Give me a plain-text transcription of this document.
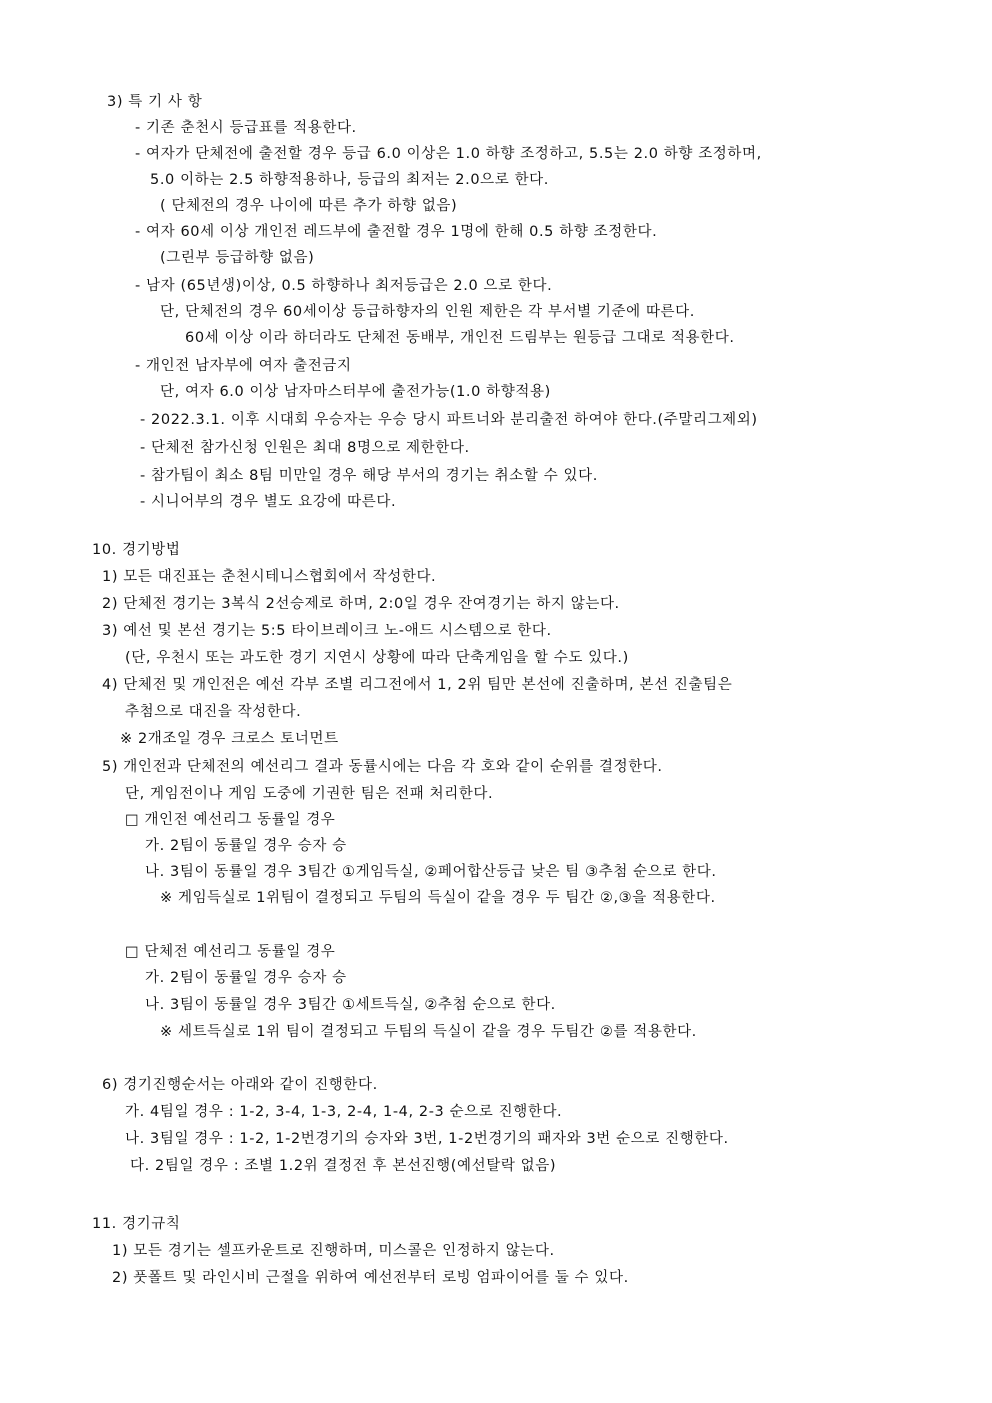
3) 특 기 사 항
- 기존 춘천시 등급표를 적용한다.
- 여자가 단체전에 출전할 경우 등급 6.0 이상은 1.0 하향 조정하고, 5.5는 2.0 하향 조정하며,
5.0 이하는 2.5 하향적용하나, 등급의 최저는 2.0으로 한다.
( 단체전의 경우 나이에 따른 추가 하향 없음)
- 여자 60세 이상 개인전 레드부에 출전할 경우 1명에 한해 0.5 하향 조정한다.
(그린부 등급하향 없음)
- 남자 (65년생)이상, 0.5 하향하나 최저등급은 2.0 으로 한다.
단, 단체전의 경우 60세이상 등급하향자의 인원 제한은 각 부서별 기준에 따른다.
60세 이상 이라 하더라도 단체전 동배부, 개인전 드림부는 원등급 그대로 적용한다.
- 개인전 남자부에 여자 출전금지
단, 여자 6.0 이상 남자마스터부에 출전가능(1.0 하향적용)
- 2022.3.1. 이후 시대회 우승자는 우승 당시 파트너와 분리출전 하여야 한다.(주말리그제외)
- 단체전 참가신청 인원은 최대 8명으로 제한한다.
- 참가팀이 최소 8팀 미만일 경우 해당 부서의 경기는 취소할 수 있다.
- 시니어부의 경우 별도 요강에 따른다.
10. 경기방법
1) 모든 대진표는 춘천시테니스협회에서 작성한다.
2) 단체전 경기는 3복식 2선승제로 하며, 2:0일 경우 잔여경기는 하지 않는다.
3) 예선 및 본선 경기는 5:5 타이브레이크 노-애드 시스템으로 한다.
(단, 우천시 또는 과도한 경기 지연시 상황에 따라 단축게임을 할 수도 있다.)
4) 단체전 및 개인전은 예선 각부 조별 리그전에서 1, 2위 팀만 본선에 진출하며, 본선 진출팀은
추첨으로 대진을 작성한다.
※ 2개조일 경우 크로스 토너먼트
5) 개인전과 단체전의 예선리그 결과 동률시에는 다음 각 호와 같이 순위를 결정한다.
단, 게임전이나 게임 도중에 기권한 팀은 전패 처리한다.
□ 개인전 예선리그 동률일 경우
가. 2팀이 동률일 경우 승자 승
나. 3팀이 동률일 경우 3팀간 ①게임득실, ②페어합산등급 낮은 팀 ③추첨 순으로 한다.
※ 게임득실로 1위팀이 결정되고 두팀의 득실이 같을 경우 두 팀간 ②,③을 적용한다.
□ 단체전 예선리그 동률일 경우
가. 2팀이 동률일 경우 승자 승
나. 3팀이 동률일 경우 3팀간 ①세트득실, ②추첨 순으로 한다.
※ 세트득실로 1위 팀이 결정되고 두팀의 득실이 같을 경우 두팀간 ②를 적용한다.
6) 경기진행순서는 아래와 같이 진행한다.
가. 4팀일 경우 : 1-2, 3-4, 1-3, 2-4, 1-4, 2-3 순으로 진행한다.
나. 3팀일 경우 : 1-2, 1-2번경기의 승자와 3번, 1-2번경기의 패자와 3번 순으로 진행한다.
다. 2팀일 경우 : 조별 1.2위 결정전 후 본선진행(예선탈락 없음)
11. 경기규칙
1) 모든 경기는 셀프카운트로 진행하며, 미스콜은 인정하지 않는다.
2) 풋폴트 및 라인시비 근절을 위하여 예선전부터 로빙 엄파이어를 둘 수 있다.
